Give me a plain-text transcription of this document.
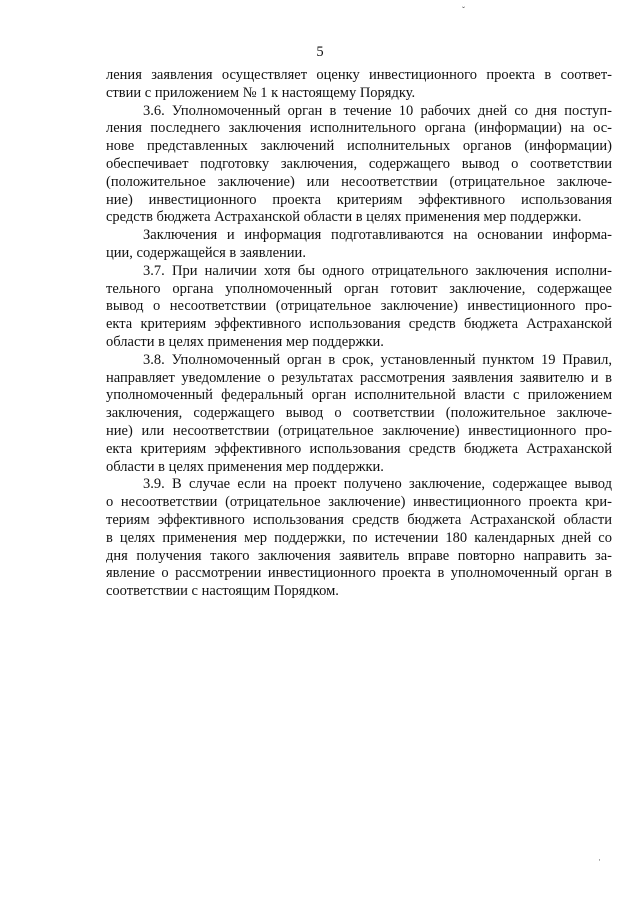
ˇ
5
ления заявления осуществляет оценку инвестиционного проекта в соответ-
ствии с приложением № 1 к настоящему Порядку.
3.6. Уполномоченный орган в течение 10 рабочих дней со дня поступ-
ления последнего заключения исполнительного органа (информации) на ос-
нове представленных заключений исполнительных органов (информации)
обеспечивает подготовку заключения, содержащего вывод о соответствии
(положительное заключение) или несоответствии (отрицательное заключе-
ние) инвестиционного проекта критериям эффективного использования
средств бюджета Астраханской области в целях применения мер поддержки.
Заключения и информация подготавливаются на основании информа-
ции, содержащейся в заявлении.
3.7. При наличии хотя бы одного отрицательного заключения исполни-
тельного органа уполномоченный орган готовит заключение, содержащее
вывод о несоответствии (отрицательное заключение) инвестиционного про-
екта критериям эффективного использования средств бюджета Астраханской
области в целях применения мер поддержки.
3.8. Уполномоченный орган в срок, установленный пунктом 19 Правил,
направляет уведомление о результатах рассмотрения заявления заявителю и в
уполномоченный федеральный орган исполнительной власти с приложением
заключения, содержащего вывод о соответствии (положительное заключе-
ние) или несоответствии (отрицательное заключение) инвестиционного про-
екта критериям эффективного использования средств бюджета Астраханской
области в целях применения мер поддержки.
3.9. В случае если на проект получено заключение, содержащее вывод
о несоответствии (отрицательное заключение) инвестиционного проекта кри-
териям эффективного использования средств бюджета Астраханской области
в целях применения мер поддержки, по истечении 180 календарных дней со
дня получения такого заключения заявитель вправе повторно направить за-
явление о рассмотрении инвестиционного проекта в уполномоченный орган в
соответствии с настоящим Порядком.
·
